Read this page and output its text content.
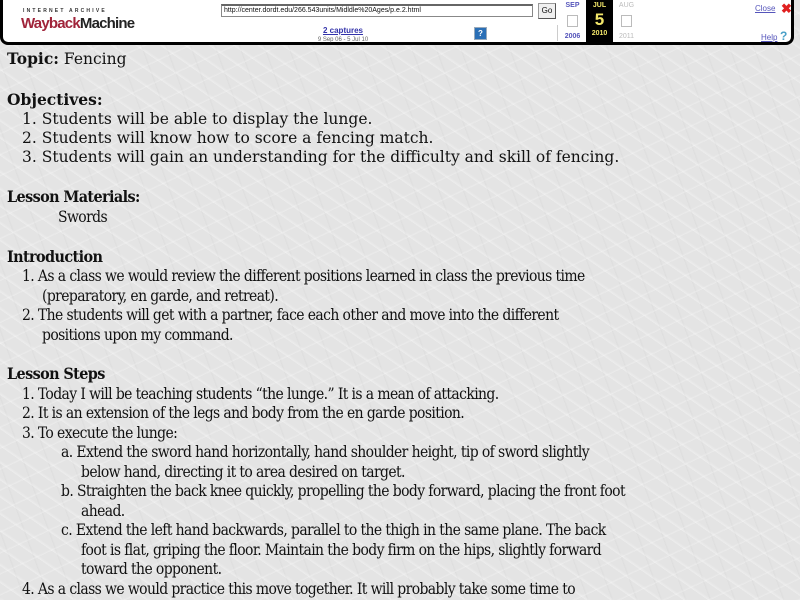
INTERNET ARCHIVE
WaybackMachine
http://center.dordt.edu/266.543units/Midldle%20Ages/p.e.2.html	Go
2 captures
9 Sep 06 - 5 Jul 10
?
SEP
2006
JUL
5
2010
AUG
2011
Close ✖
Help ?
Topic: Fencing
Objectives:
1. Students will be able to display the lunge.
2. Students will know how to score a fencing match.
3. Students will gain an understanding for the difficulty and skill of fencing.
Lesson Materials:
Swords
Introduction
1. As a class we would review the different positions learned in class the previous time
(preparatory, en garde, and retreat).
2. The students will get with a partner, face each other and move into the different
positions upon my command.
Lesson Steps
1. Today I will be teaching students “the lunge.” It is a mean of attacking.
2. It is an extension of the legs and body from the en garde position.
3. To execute the lunge:
a. Extend the sword hand horizontally, hand shoulder height, tip of sword slightly
below hand, directing it to area desired on target.
b. Straighten the back knee quickly, propelling the body forward, placing the front foot
ahead.
c. Extend the left hand backwards, parallel to the thigh in the same plane. The back
foot is flat, griping the floor. Maintain the body firm on the hips, slightly forward
toward the opponent.
4. As a class we would practice this move together. It will probably take some time to
